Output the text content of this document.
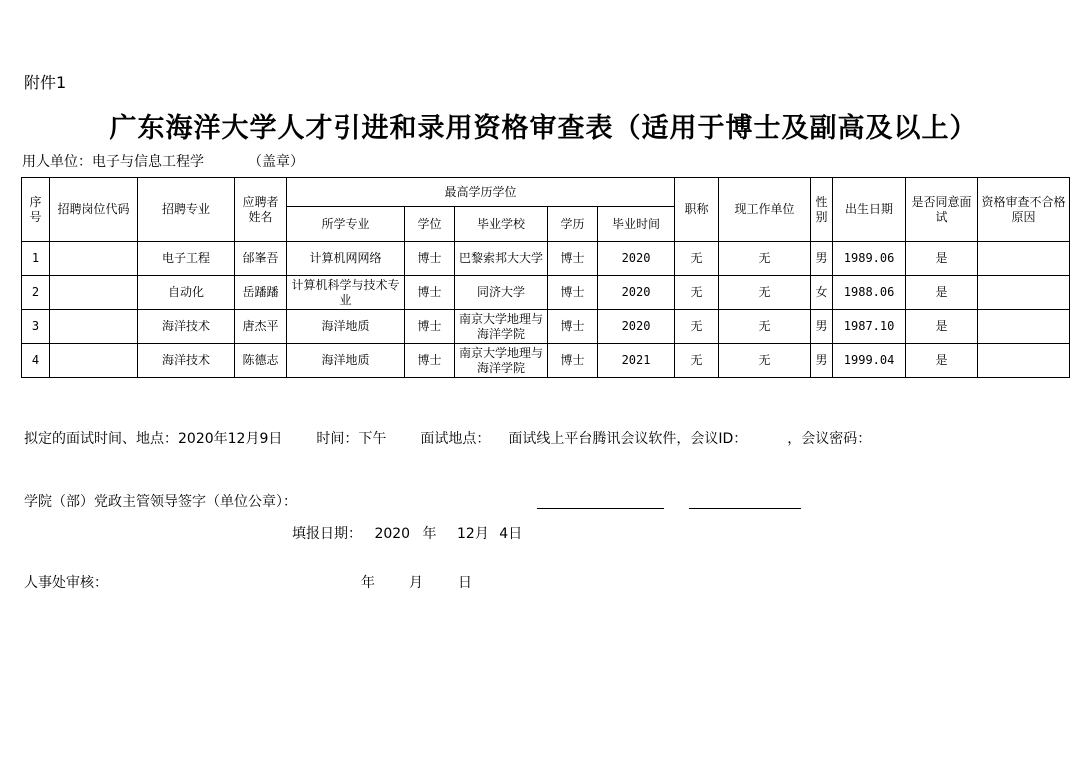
附件1
广东海洋大学人才引进和录用资格审查表（适用于博士及副高及以上）
用人单位：电子与信息工程学	（盖章）
序号	招聘岗位代码	招聘专业	应聘者姓名	最高学历学位					职称	现工作单位	性别	出生日期	是否同意面试	资格审查不合格原因
				所学专业	学位	毕业学校	学历	毕业时间						
1		电子工程	邰峯吾	计算机网网络	博士	巴黎索邦大大学	博士	2020	无	无	男	1989.06	是	
2		自动化	岳蹯蹯	计算机科学与技术专业	博士	同济大学	博士	2020	无	无	女	1988.06	是	
3		海洋技术	唐杰平	海洋地质	博士	南京大学地理与海洋学院	博士	2020	无	无	男	1987.10	是	
4		海洋技术	陈德志	海洋地质	博士	南京大学地理与海洋学院	博士	2021	无	无	男	1999.04	是	
拟定的面试时间、地点：2020年12月9日 时间：下午 面试地点： 面试线上平台腾讯会议软件，会议ID：	，会议密码：
学院（部）党政主管领导签字（单位公章）：
填报日期： 2020 年 12月 4日
人事处审核：	年 月	日
